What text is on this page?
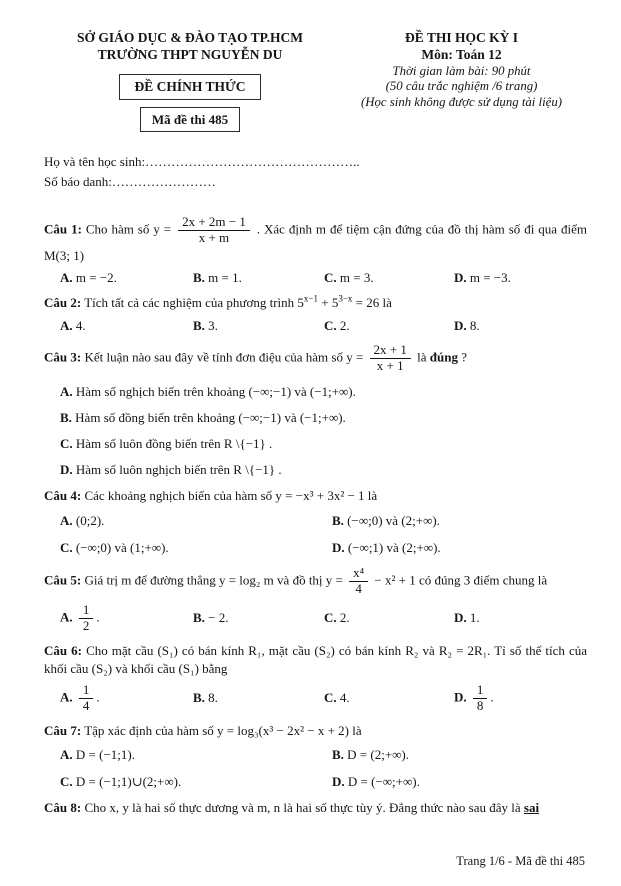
SỞ GIÁO DỤC & ĐÀO TẠO TP.HCM
TRƯỜNG THPT NGUYỄN DU
ĐỀ CHÍNH THỨC
Mã đề thi 485
ĐỀ THI HỌC KỲ I
Môn: Toán 12
Thời gian làm bài: 90 phút
(50 câu trắc nghiệm /6 trang)
(Học sinh không được sử dụng tài liệu)
Họ và tên học sinh:…………………………………………..
Số báo danh:……………………
Câu 1: Cho hàm số $y = \frac{2x + 2m - 1}{x + m}$ . Xác định m để tiệm cận đứng của đồ thị hàm số đi qua điểm M(3; 1)
A. m = −2.	B. m = 1.	C. m = 3.	D. m = −3.
Câu 2: Tích tất cả các nghiệm của phương trình $5^{x-1} + 5^{3-x} = 26$ là
A. 4.	B. 3.	C. 2.	D. 8.
Câu 3: Kết luận nào sau đây về tính đơn điệu của hàm số $y = \frac{2x + 1}{x + 1}$ là đúng ?
A. Hàm số nghịch biến trên khoảng (−∞;−1) và (−1;+∞).
B. Hàm số đồng biến trên khoảng (−∞;−1) và (−1;+∞).
C. Hàm số luôn đồng biến trên R \{−1} .
D. Hàm số luôn nghịch biến trên R \{−1} .
Câu 4: Các khoảng nghịch biến của hàm số y = −x³ + 3x² − 1 là
A. (0;2).	B. (−∞;0) và (2;+∞).
C. (−∞;0) và (1;+∞).	D. (−∞;1) và (2;+∞).
Câu 5: Giá trị m để đường thẳng y = log₂ m và đồ thị $y = \frac{\text{x⁴}}{4} - x^2 + 1$ có đúng 3 điểm chung là
A. $\frac{1}{2}$ .	B. − 2.	C. 2.	D. 1.
Câu 6: Cho mặt cầu (S₁) có bán kính R₁, mặt cầu (S₂) có bán kính R₂ và R₂ = 2R₁. Tỉ số thể tích của khối cầu (S₂) và khối cầu (S₁) bằng
A. $\frac{1}{4}$ .	B. 8.	C. 4.	D. $\frac{1}{8}$ .
Câu 7: Tập xác định của hàm số y = log₃(x³ − 2x² − x + 2) là
A. D = (−1;1).	B. D = (2;+∞).
C. D = (−1;1)∪(2;+∞).	D. D = (−∞;+∞).
Câu 8: Cho x, y là hai số thực dương và m, n là hai số thực tùy ý. Đẳng thức nào sau đây là sai
Trang 1/6 - Mã đề thi 485
